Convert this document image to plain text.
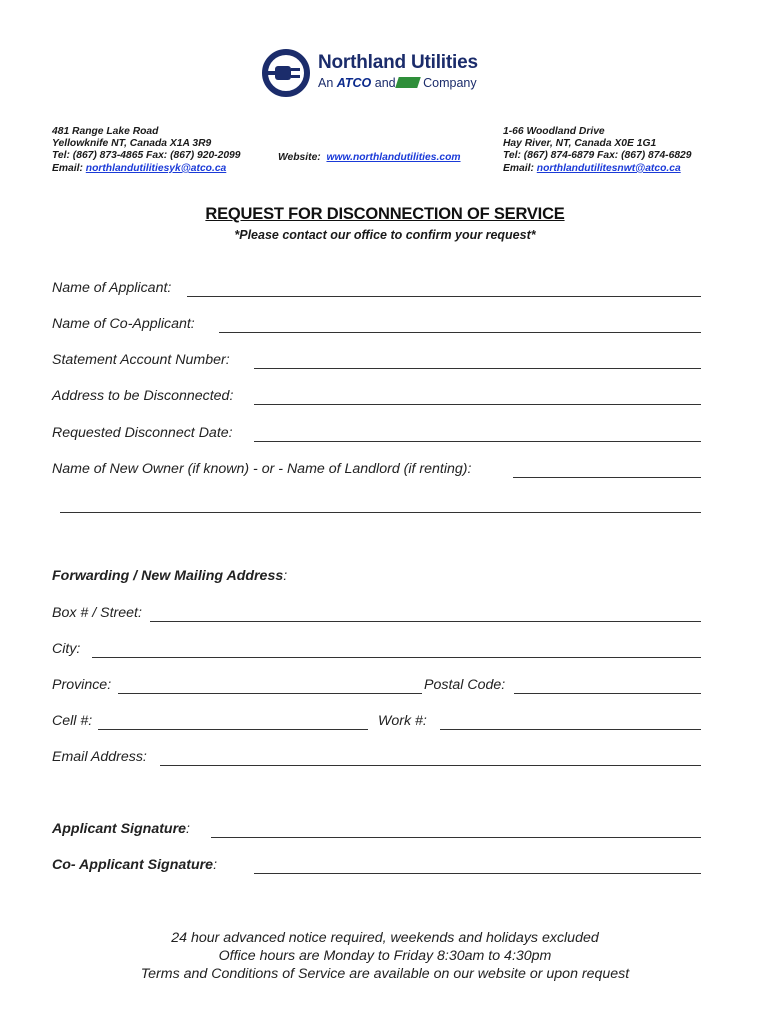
Northland Utilities
An ATCO and Company
481 Range Lake Road
Yellowknife NT, Canada X1A 3R9
Tel: (867) 873-4865 Fax: (867) 920-2099
Email: northlandutilitiesyk@atco.ca
Website: www.northlandutilities.com
1-66 Woodland Drive
Hay River, NT, Canada X0E 1G1
Tel: (867) 874-6879 Fax: (867) 874-6829
Email: northlandutilitesnwt@atco.ca
REQUEST FOR DISCONNECTION OF SERVICE
*Please contact our office to confirm your request*
Name of Applicant:
Name of Co-Applicant:
Statement Account Number:
Address to be Disconnected:
Requested Disconnect Date:
Name of New Owner (if known) - or - Name of Landlord (if renting):
Forwarding / New Mailing Address:
Box # / Street:
City:
Province:	Postal Code:
Cell #:	Work #:
Email Address:
Applicant Signature:
Co- Applicant Signature:
24 hour advanced notice required, weekends and holidays excluded
Office hours are Monday to Friday 8:30am to 4:30pm
Terms and Conditions of Service are available on our website or upon request
